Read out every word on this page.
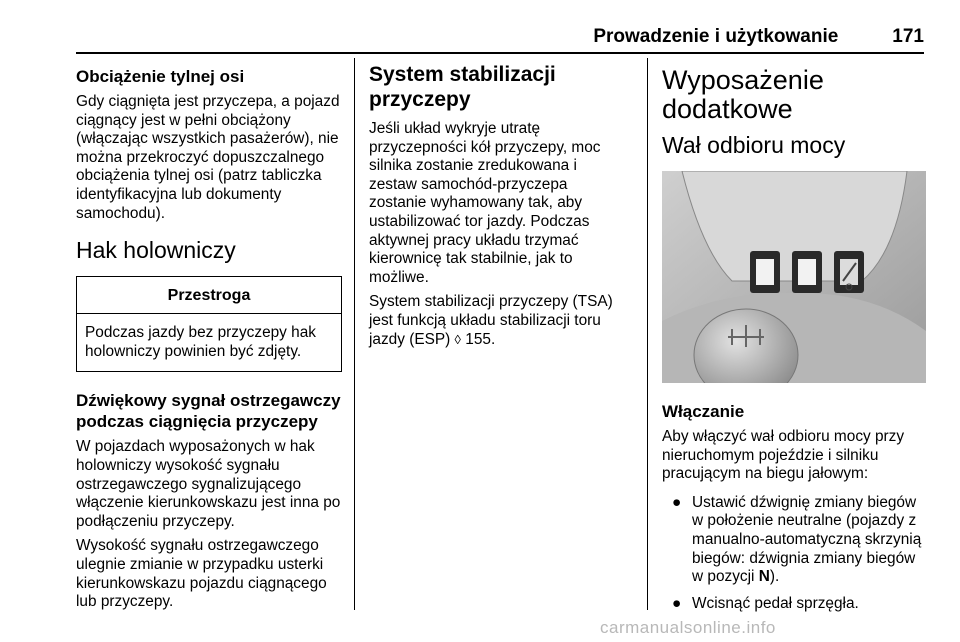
Prowadzenie i użytkowanie	171
Obciążenie tylnej osi

Gdy ciągnięta jest przyczepa, a pojazd ciągnący jest w pełni obciążony (włączając wszystkich pasażerów), nie można przekroczyć dopuszczalnego obciążenia tylnej osi (patrz tabliczka identyfikacyjna lub dokumenty samochodu).

Hak holowniczy
Przestroga
Podczas jazdy bez przyczepy hak holowniczy powinien być zdjęty.
Dźwiękowy sygnał ostrzegawczy podczas ciągnięcia przyczepy

W pojazdach wyposażonych w hak holowniczy wysokość sygnału ostrzegawczego sygnalizującego włączenie kierunkowskazu jest inna po podłączeniu przyczepy.

Wysokość sygnału ostrzegawczego ulegnie zmianie w przypadku usterki kierunkowskazu pojazdu ciągnącego lub przyczepy.

System stabilizacji przyczepy

Jeśli układ wykryje utratę przyczepności kół przyczepy, moc silnika zostanie zredukowana i zestaw samochód-przyczepa zostanie wyhamowany tak, aby ustabilizować tor jazdy. Podczas aktywnej pracy układu trzymać kierownicę tak stabilnie, jak to możliwe.

System stabilizacji przyczepy (TSA) jest funkcją układu stabilizacji toru jazdy (ESP) ◊ 155.

Wyposażenie dodatkowe
Wał odbioru mocy
Włączanie

Aby włączyć wał odbioru mocy przy nieruchomym pojeździe i silniku pracującym na biegu jałowym:

● Ustawić dźwignię zmiany biegów w położenie neutralne (pojazdy z manualno-automatyczną skrzynią biegów: dźwignia zmiany biegów w pozycji N).
● Wcisnąć pedał sprzęgła.
carmanualsonline.info
